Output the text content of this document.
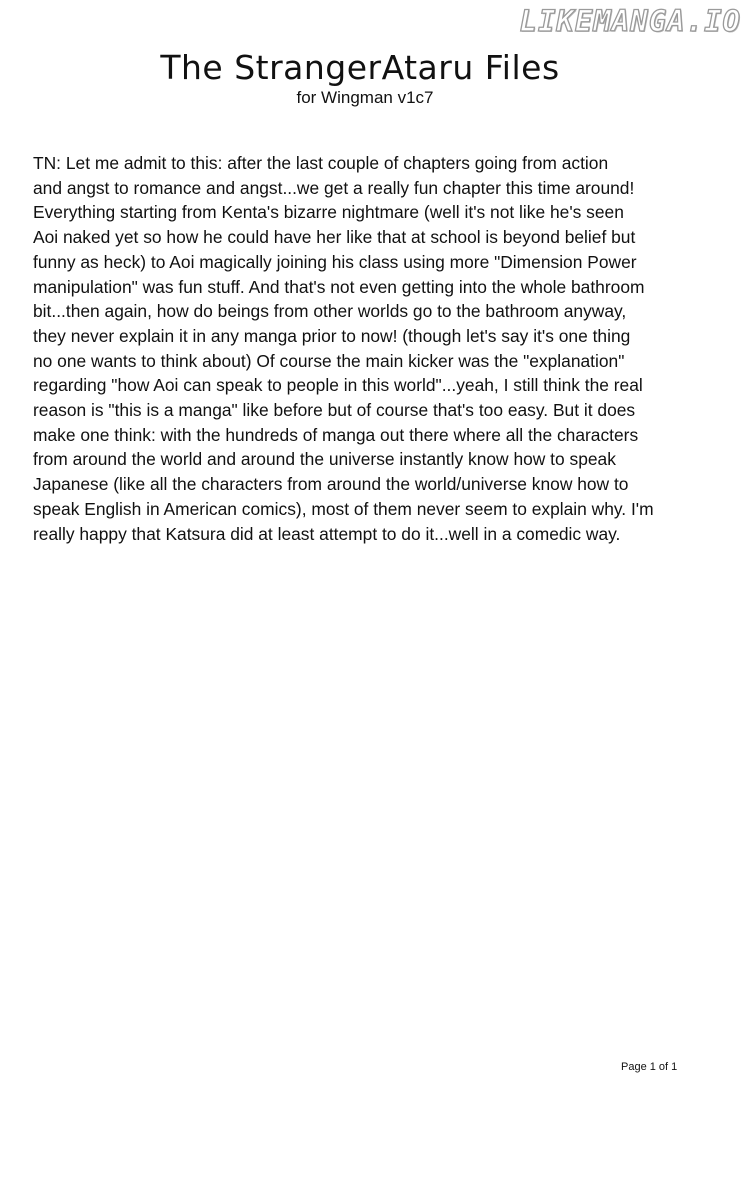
LIKEMANGA.IO
The StrangerAtaru Files
for Wingman v1c7

TN: Let me admit to this: after the last couple of chapters going from action
and angst to romance and angst...we get a really fun chapter this time around!
Everything starting from Kenta's bizarre nightmare (well it's not like he's seen
Aoi naked yet so how he could have her like that at school is beyond belief but
funny as heck) to Aoi magically joining his class using more "Dimension Power
manipulation" was fun stuff. And that's not even getting into the whole bathroom
bit...then again, how do beings from other worlds go to the bathroom anyway,
they never explain it in any manga prior to now! (though let's say it's one thing
no one wants to think about) Of course the main kicker was the "explanation"
regarding "how Aoi can speak to people in this world"...yeah, I still think the real
reason is "this is a manga" like before but of course that's too easy. But it does
make one think: with the hundreds of manga out there where all the characters
from around the world and around the universe instantly know how to speak
Japanese (like all the characters from around the world/universe know how to
speak English in American comics), most of them never seem to explain why. I'm
really happy that Katsura did at least attempt to do it...well in a comedic way.

Page 1 of 1
